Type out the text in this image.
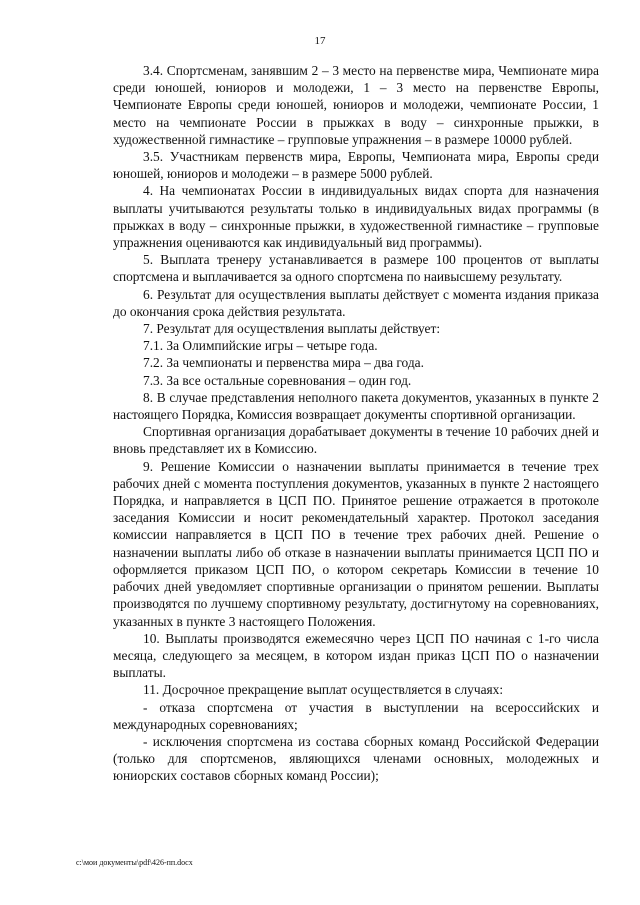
17

3.4. Спортсменам, занявшим 2 – 3 место на первенстве мира, Чемпионате мира среди юношей, юниоров и молодежи, 1 – 3 место на первенстве Европы, Чемпионате Европы среди юношей, юниоров и молодежи, чемпионате России, 1 место на чемпионате России в прыжках в воду – синхронные прыжки, в художественной гимнастике – групповые упражнения – в размере 10000 рублей.

3.5. Участникам первенств мира, Европы, Чемпионата мира, Европы среди юношей, юниоров и молодежи – в размере 5000 рублей.

4. На чемпионатах России в индивидуальных видах спорта для назначения выплаты учитываются результаты только в индивидуальных видах программы (в прыжках в воду – синхронные прыжки, в художественной гимнастике – групповые упражнения оцениваются как индивидуальный вид программы).

5. Выплата тренеру устанавливается в размере 100 процентов от выплаты спортсмена и выплачивается за одного спортсмена по наивысшему результату.

6. Результат для осуществления выплаты действует с момента издания приказа до окончания срока действия результата.

7. Результат для осуществления выплаты действует:

7.1. За Олимпийские игры – четыре года.

7.2. За чемпионаты и первенства мира – два года.

7.3. За все остальные соревнования – один год.

8. В случае представления неполного пакета документов, указанных в пункте 2 настоящего Порядка, Комиссия возвращает документы спортивной организации.

Спортивная организация дорабатывает документы в течение 10 рабочих дней и вновь представляет их в Комиссию.

9. Решение Комиссии о назначении выплаты принимается в течение трех рабочих дней с момента поступления документов, указанных в пункте 2 настоящего Порядка, и направляется в ЦСП ПО. Принятое решение отражается в протоколе заседания Комиссии и носит рекомендательный характер. Протокол заседания комиссии направляется в ЦСП ПО в течение трех рабочих дней. Решение о назначении выплаты либо об отказе в назначении выплаты принимается ЦСП ПО и оформляется приказом ЦСП ПО, о котором секретарь Комиссии в течение 10 рабочих дней уведомляет спортивные организации о принятом решении. Выплаты производятся по лучшему спортивному результату, достигнутому на соревнованиях, указанных в пункте 3 настоящего Положения.

10. Выплаты производятся ежемесячно через ЦСП ПО начиная с 1-го числа месяца, следующего за месяцем, в котором издан приказ ЦСП ПО о назначении выплаты.

11. Досрочное прекращение выплат осуществляется в случаях:

- отказа спортсмена от участия в выступлении на всероссийских и международных соревнованиях;

- исключения спортсмена из состава сборных команд Российской Федерации (только для спортсменов, являющихся членами основных, молодежных и юниорских составов сборных команд России);

c:\мои документы\pdf\426-пп.docx
